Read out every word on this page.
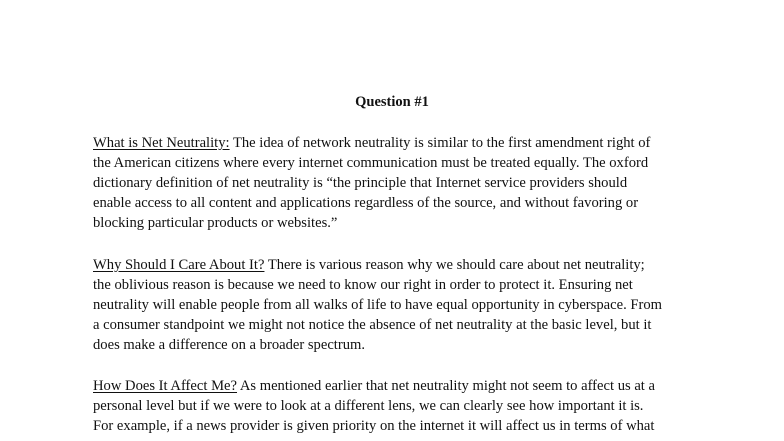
Question #1
What is Net Neutrality: The idea of network neutrality is similar to the first amendment right of
the American citizens where every internet communication must be treated equally. The oxford
dictionary definition of net neutrality is “the principle that Internet service providers should
enable access to all content and applications regardless of the source, and without favoring or
blocking particular products or websites.”
Why Should I Care About It? There is various reason why we should care about net neutrality;
the oblivious reason is because we need to know our right in order to protect it. Ensuring net
neutrality will enable people from all walks of life to have equal opportunity in cyberspace. From
a consumer standpoint we might not notice the absence of net neutrality at the basic level, but it
does make a difference on a broader spectrum.
How Does It Affect Me? As mentioned earlier that net neutrality might not seem to affect us at a
personal level but if we were to look at a different lens, we can clearly see how important it is.
For example, if a news provider is given priority on the internet it will affect us in terms of what
